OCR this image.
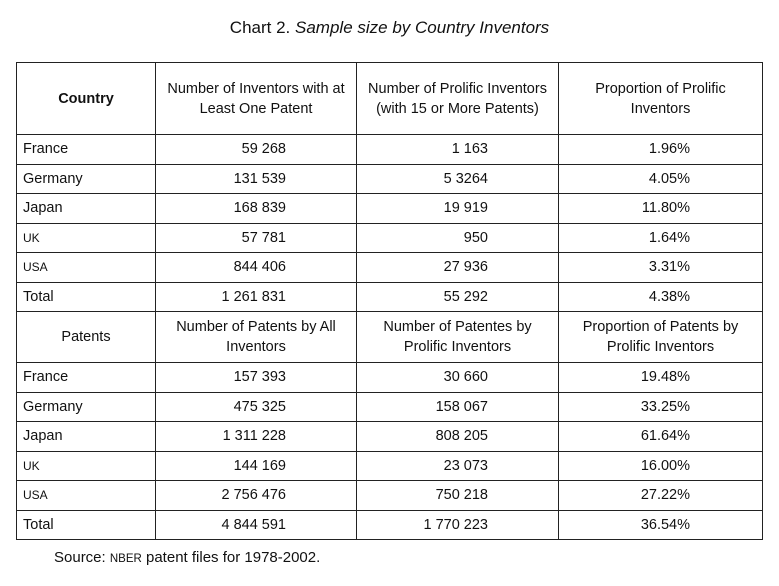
Chart 2. Sample size by Country Inventors
Country	Number of Inventors with at Least One Patent	Number of Prolific Inventors (with 15 or More Patents)	Proportion of Prolific Inventors
France	59 268	1 163	1.96%
Germany	131 539	5 3264	4.05%
Japan	168 839	19 919	11.80%
UK	57 781	950	1.64%
USA	844 406	27 936	3.31%
Total	1 261 831	55 292	4.38%
Patents	Number of Patents by All Inventors	Number of Patentes by Prolific Inventors	Proportion of Patents by Prolific Inventors
France	157 393	30 660	19.48%
Germany	475 325	158 067	33.25%
Japan	1 311 228	808 205	61.64%
UK	144 169	23 073	16.00%
USA	2 756 476	750 218	27.22%
Total	4 844 591	1 770 223	36.54%
Source: NBER patent files for 1978-2002.
